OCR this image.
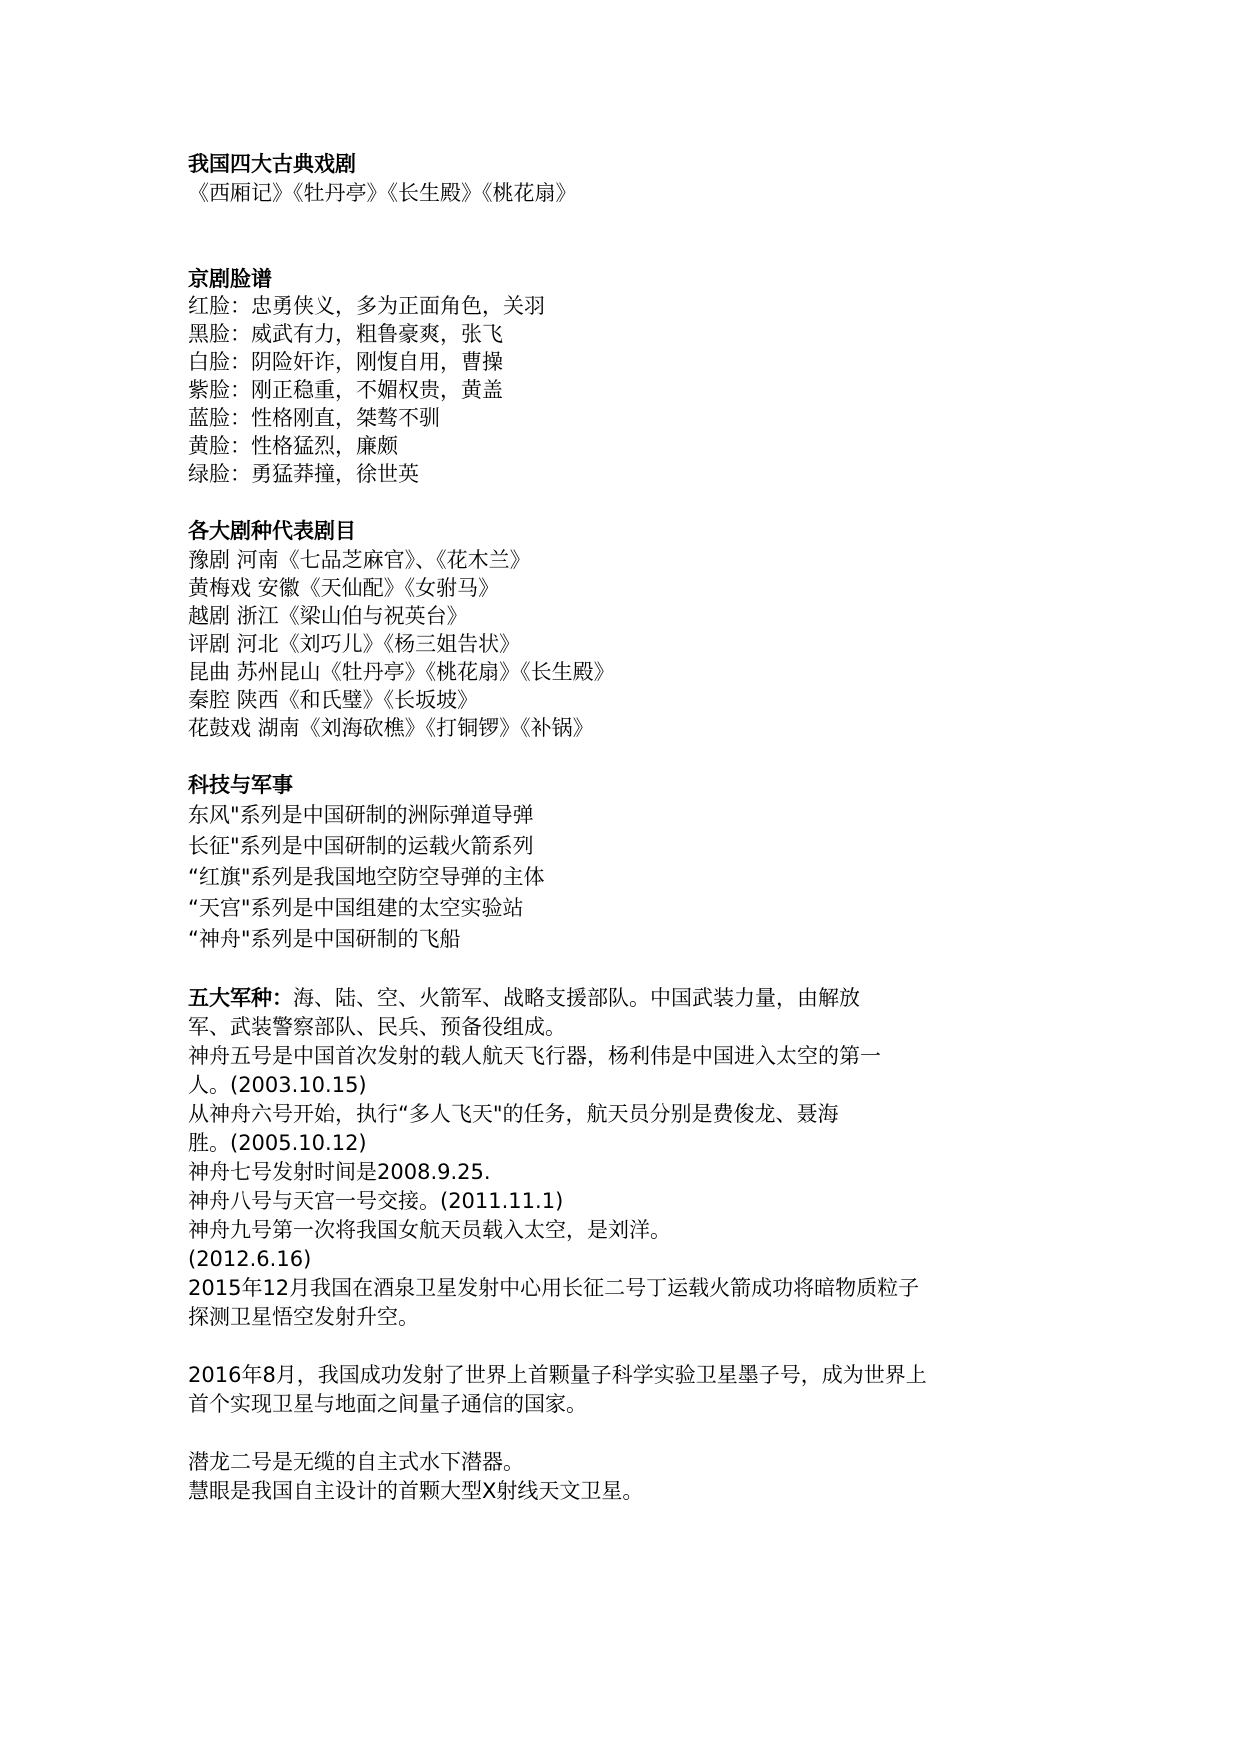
我国四大古典戏剧

《西厢记》《牡丹亭》《长生殿》《桃花扇》

京剧脸谱

红脸：忠勇侠义，多为正面角色，关羽

黑脸：威武有力，粗鲁豪爽，张飞

白脸：阴险奸诈，刚愎自用，曹操

紫脸：刚正稳重，不媚权贵，黄盖

蓝脸：性格刚直，桀骜不驯

黄脸：性格猛烈，廉颇

绿脸：勇猛莽撞，徐世英

各大剧种代表剧目

豫剧 河南《七品芝麻官》、《花木兰》

黄梅戏 安徽《天仙配》《女驸马》

越剧 浙江《梁山伯与祝英台》

评剧 河北《刘巧儿》《杨三姐告状》

昆曲 苏州昆山《牡丹亭》《桃花扇》《长生殿》

秦腔 陕西《和氏璧》《长坂坡》

花鼓戏 湖南《刘海砍樵》《打铜锣》《补锅》

科技与军事

东风"系列是中国研制的洲际弹道导弹

长征"系列是中国研制的运载火箭系列

“红旗"系列是我国地空防空导弹的主体

“天宫"系列是中国组建的太空实验站

“神舟"系列是中国研制的飞船

五大军种：海、陆、空、火箭军、战略支援部队。中国武装力量，由解放

军、武装警察部队、民兵、预备役组成。

神舟五号是中国首次发射的载人航天飞行器，杨利伟是中国进入太空的第一

人。(2003.10.15)

从神舟六号开始，执行“多人飞天"的任务，航天员分别是费俊龙、聂海

胜。(2005.10.12)

神舟七号发射时间是2008.9.25.

神舟八号与天宫一号交接。(2011.11.1)

神舟九号第一次将我国女航天员载入太空，是刘洋。

(2012.6.16)

2015年12月我国在酒泉卫星发射中心用长征二号丁运载火箭成功将暗物质粒子

探测卫星悟空发射升空。

2016年8月，我国成功发射了世界上首颗量子科学实验卫星墨子号，成为世界上

首个实现卫星与地面之间量子通信的国家。

潜龙二号是无缆的自主式水下潜器。

慧眼是我国自主设计的首颗大型X射线天文卫星。
